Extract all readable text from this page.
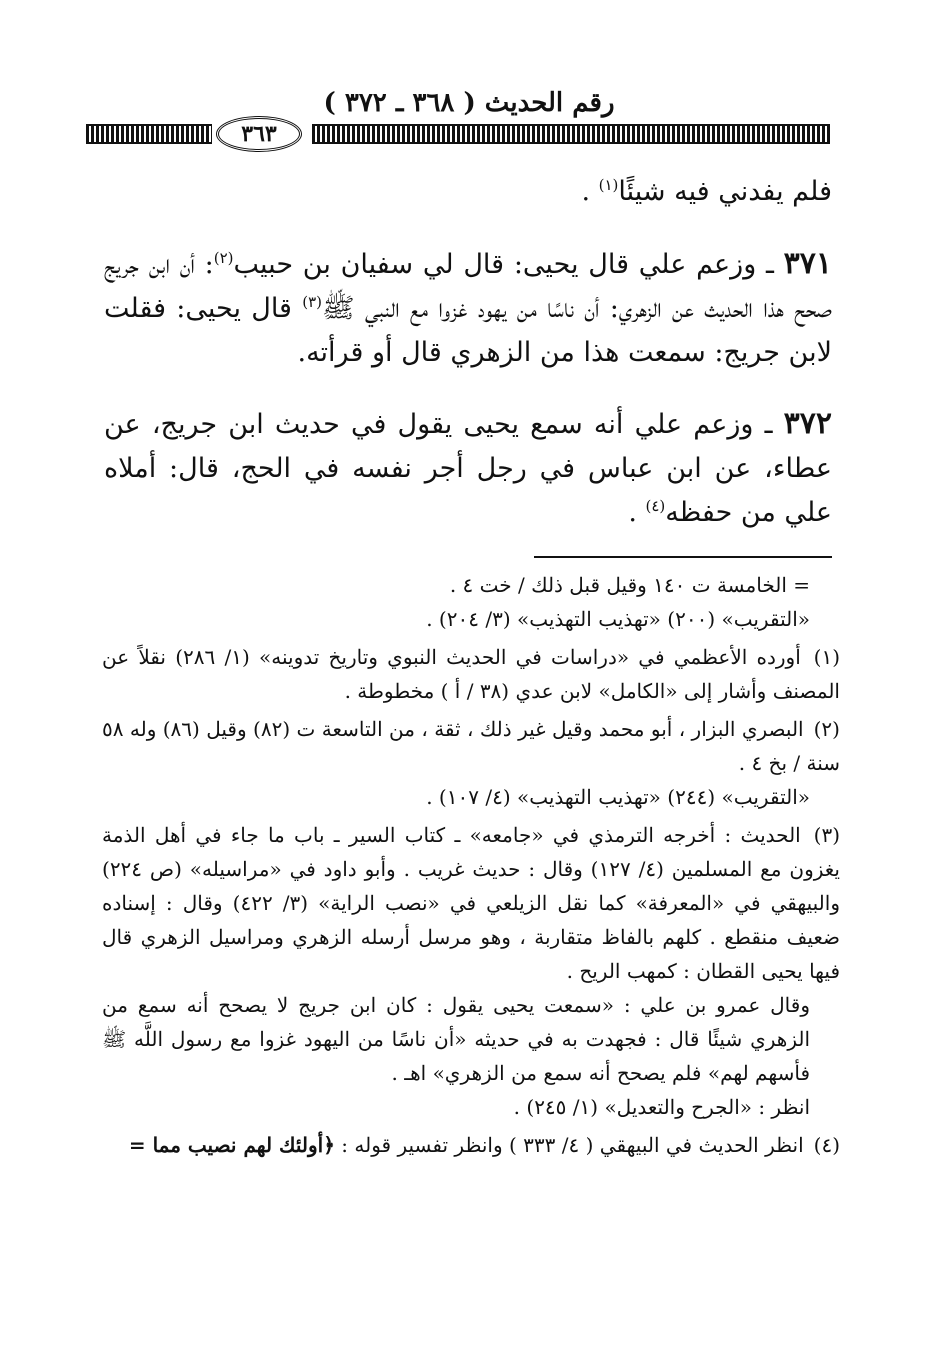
رقم الحديث ( ٣٦٨ ـ ٣٧٢ )
٣٦٣
فلم يفدني فيه شيئًا$^{(١)}$ .
٣٧١ ـ وزعم علي قال يحيى: قال لي سفيان بن حبيب$^{(٢)}$: أن ابن جريج صحح هذا الحديث عن الزهري: أن ناسًا من يهود غزوا مع النبي ﷺ$^{(٣)}$ قال يحيى: فقلت لابن جريج: سمعت هذا من الزهري قال أو قرأته.
٣٧٢ ـ وزعم علي أنه سمع يحيى يقول في حديث ابن جريج، عن عطاء، عن ابن عباس في رجل أجر نفسه في الحج، قال: أملاه علي من حفظه$^{(٤)}$ .
= الخامسة ت ١٤٠ وقيل قبل ذلك / خت ٤ .
«التقريب» (٢٠٠) «تهذيب التهذيب» (٣/ ٢٠٤) .
(١) أورده الأعظمي في «دراسات في الحديث النبوي وتاريخ تدوينه» (١/ ٢٨٦) نقلاً عن المصنف وأشار إلى «الكامل» لابن عدي (٣٨ / أ ) مخطوطة .
(٢) البصري البزار ، أبو محمد وقيل غير ذلك ، ثقة ، من التاسعة ت (٨٢) وقيل (٨٦) وله ٥٨ سنة / بخ ٤ .
«التقريب» (٢٤٤) «تهذيب التهذيب» (٤/ ١٠٧) .
(٣) الحديث : أخرجه الترمذي في «جامعه» ـ كتاب السير ـ باب ما جاء في أهل الذمة يغزون مع المسلمين (٤/ ١٢٧) وقال : حديث غريب . وأبو داود في «مراسيله» (ص ٢٢٤) والبيهقي في «المعرفة» كما نقل الزيلعي في «نصب الراية» (٣/ ٤٢٢) وقال : إسناده ضعيف منقطع . كلهم بالفاظ متقاربة ، وهو مرسل أرسله الزهري ومراسيل الزهري قال فيها يحيى القطان : كمهب الريح .
وقال عمرو بن علي : «سمعت يحيى يقول : كان ابن جريج لا يصحح أنه سمع من الزهري شيئًا قال : فجهدت به في حديثه «أن ناسًا من اليهود غزوا مع رسول اللَّه ﷺ فأسهم لهم» فلم يصحح أنه سمع من الزهري» اهـ .
انظر : «الجرح والتعديل» (١/ ٢٤٥) .
(٤) انظر الحديث في البيهقي ( ٤/ ٣٣٣ ) وانظر تفسير قوله : ﴿أولئك لهم نصيب مما =
